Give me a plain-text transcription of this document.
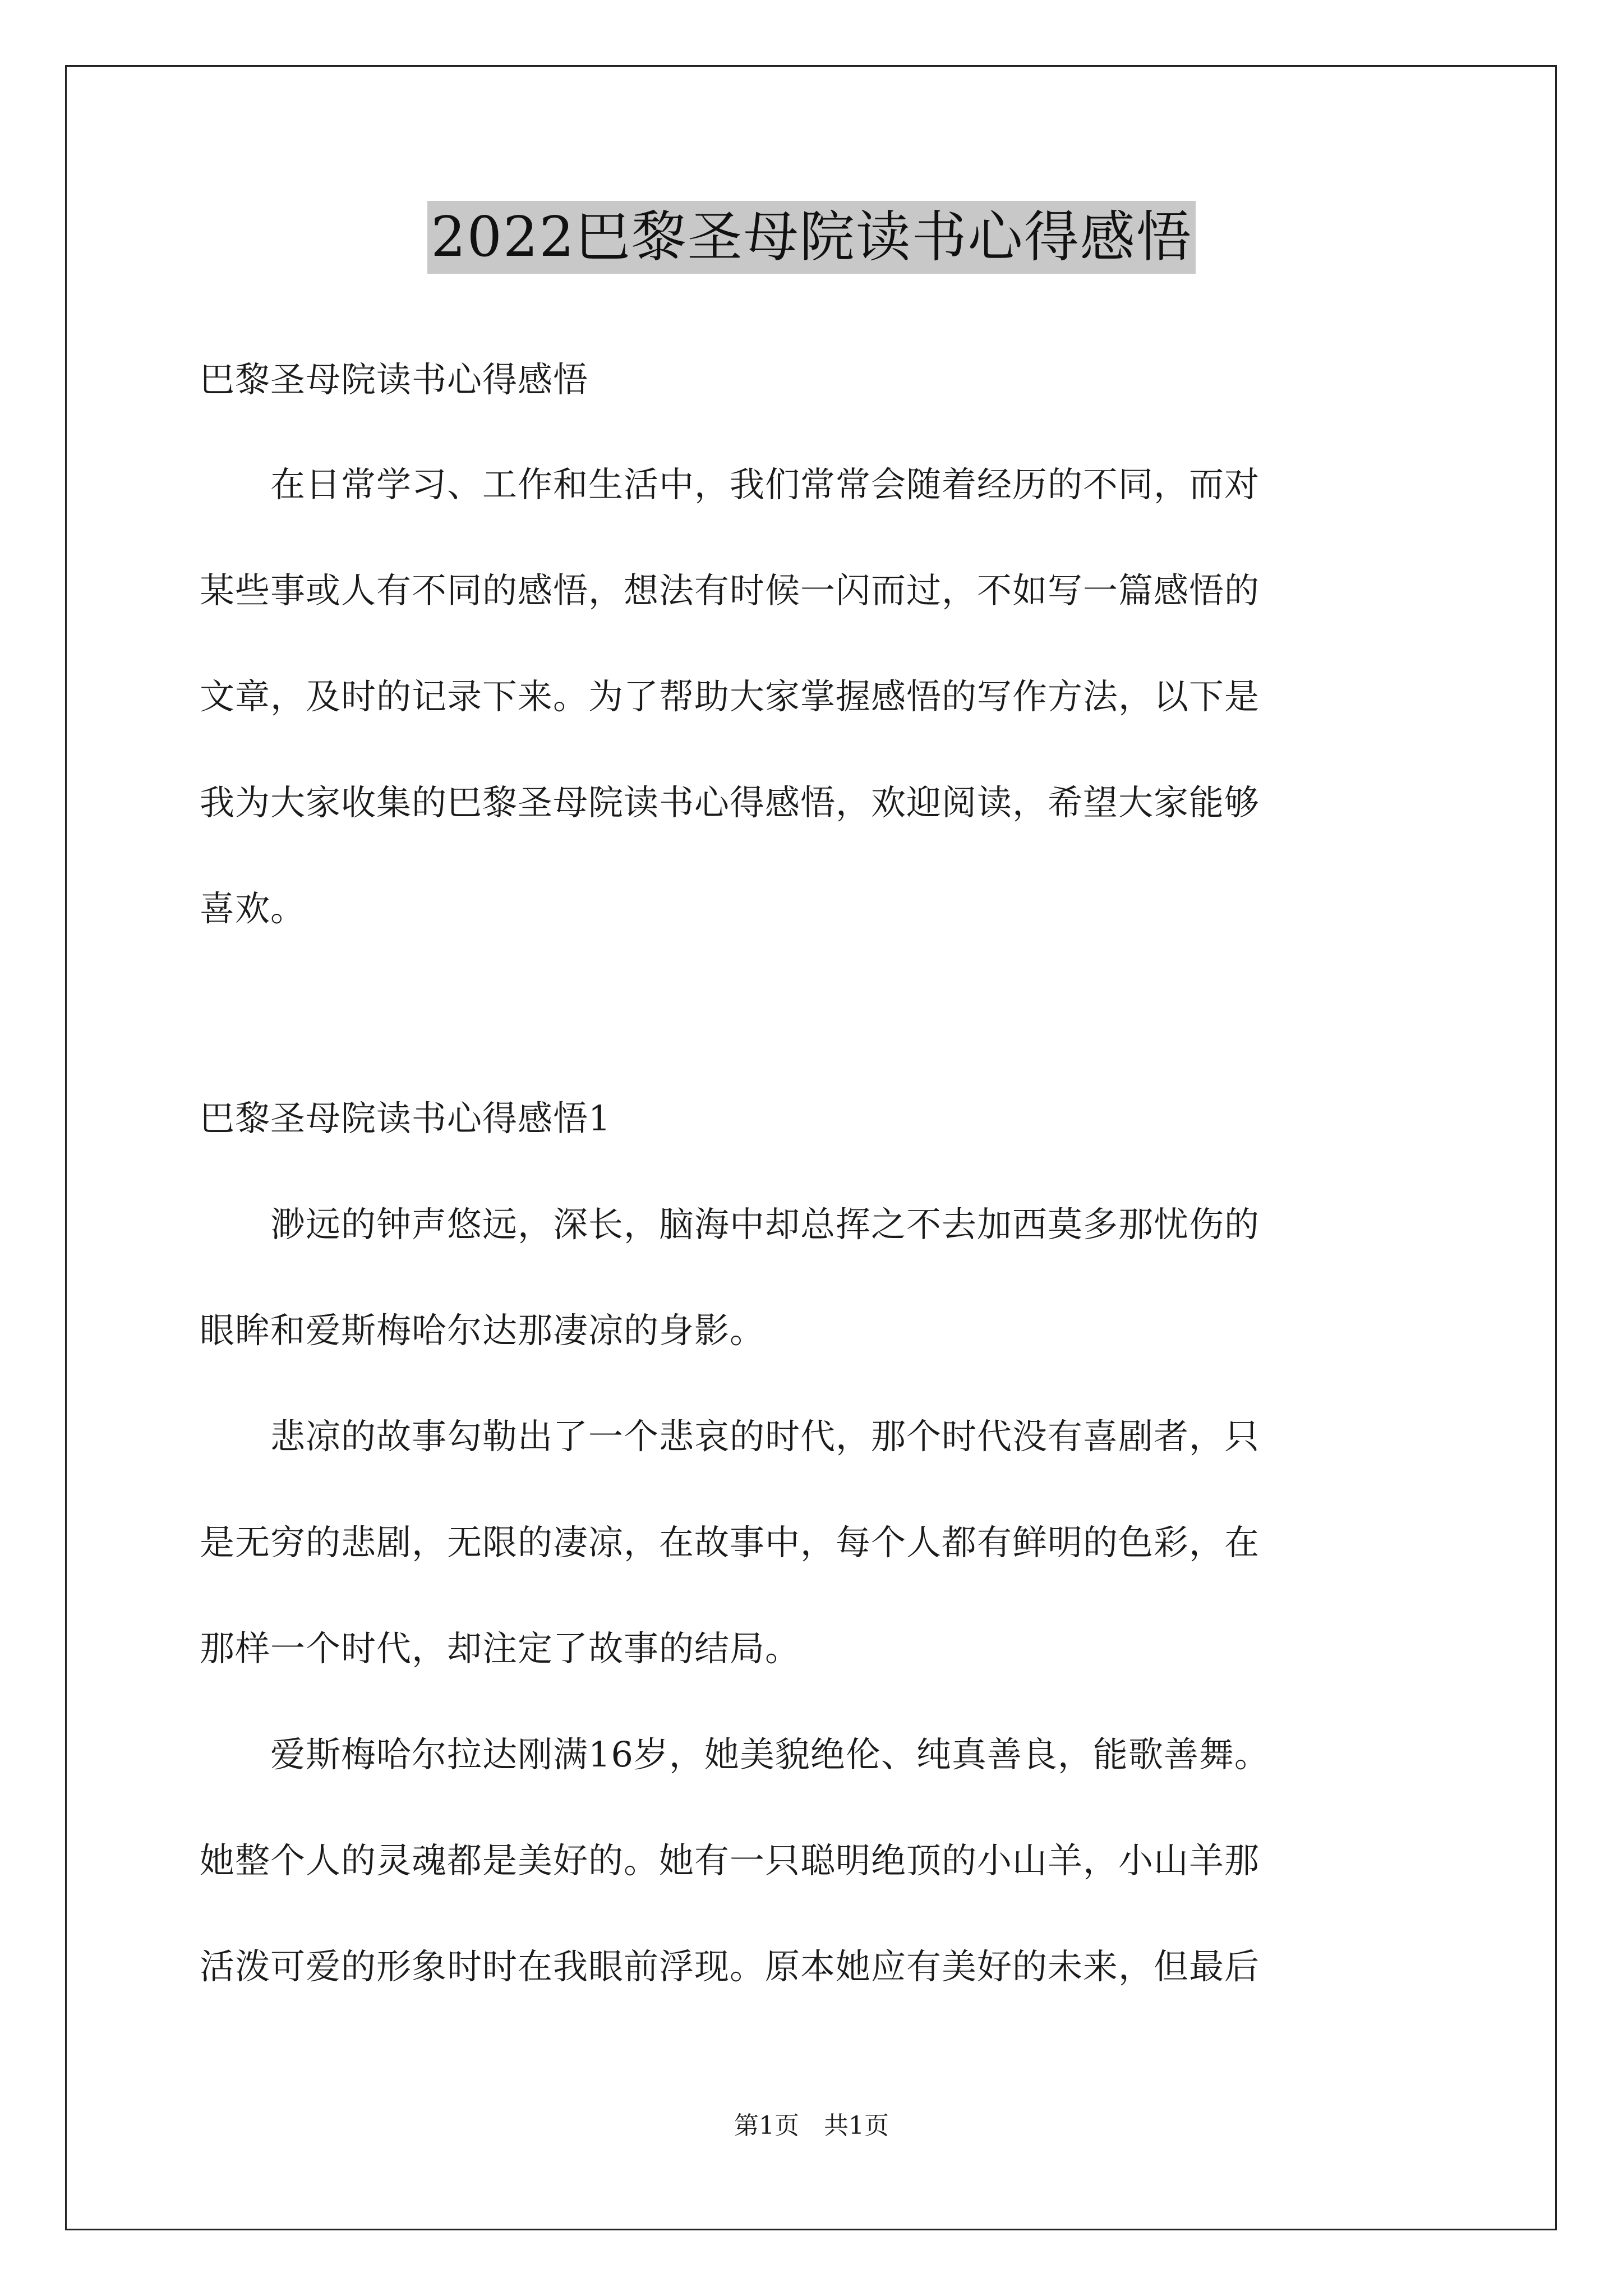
2022巴黎圣母院读书心得感悟
巴黎圣母院读书心得感悟
　　在日常学习、工作和生活中，我们常常会随着经历的不同，而对
某些事或人有不同的感悟，想法有时候一闪而过，不如写一篇感悟的
文章，及时的记录下来。为了帮助大家掌握感悟的写作方法，以下是
我为大家收集的巴黎圣母院读书心得感悟，欢迎阅读，希望大家能够
喜欢。
巴黎圣母院读书心得感悟1
　　渺远的钟声悠远，深长，脑海中却总挥之不去加西莫多那忧伤的
眼眸和爱斯梅哈尔达那凄凉的身影。
　　悲凉的故事勾勒出了一个悲哀的时代，那个时代没有喜剧者，只
是无穷的悲剧，无限的凄凉，在故事中，每个人都有鲜明的色彩，在
那样一个时代，却注定了故事的结局。
　　爱斯梅哈尔拉达刚满16岁，她美貌绝伦、纯真善良，能歌善舞。
她整个人的灵魂都是美好的。她有一只聪明绝顶的小山羊，小山羊那
活泼可爱的形象时时在我眼前浮现。原本她应有美好的未来，但最后
第1页　共1页
